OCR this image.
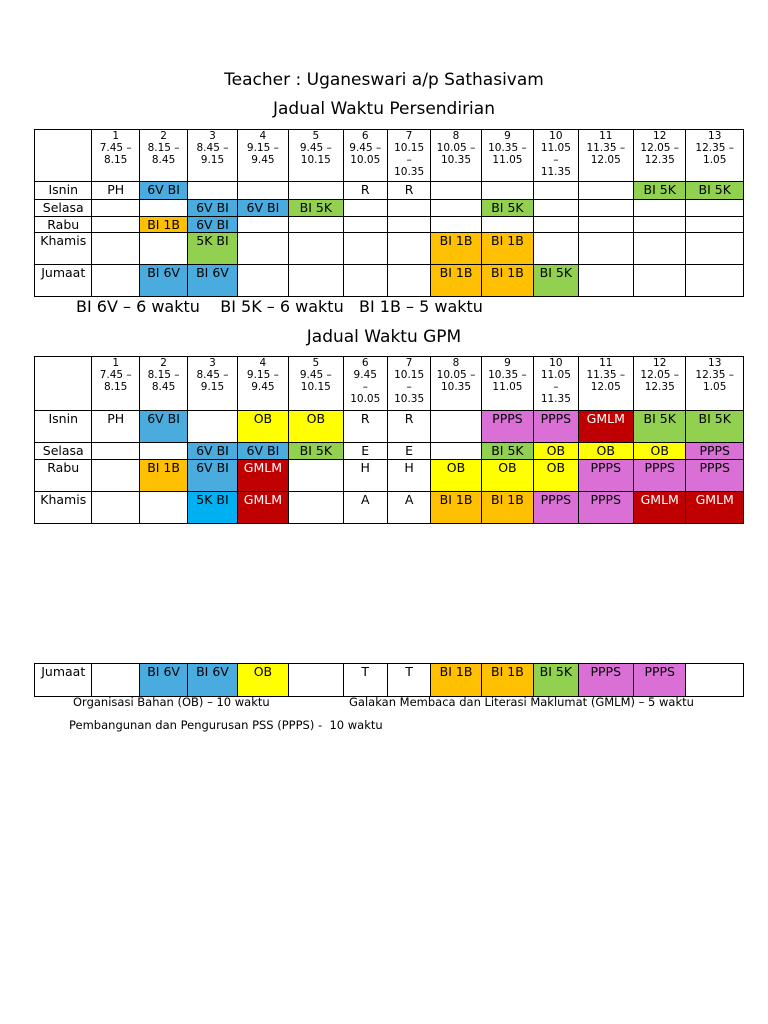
Teacher : Uganeswari a/p Sathasivam
Jadual Waktu Persendirian
	1
7.45 –
8.15	2
8.15 –
8.45	3
8.45 –
9.15	4
9.15 –
9.45	5
9.45 –
10.15	6
9.45 –
10.05	7
10.15
–
10.35	8
10.05 –
10.35	9
10.35 –
11.05	10
11.05
–
11.35	11
11.35 –
12.05	12
12.05 –
12.35	13
12.35 –
1.05
Isnin	PH	6V BI				R	R					BI 5K	BI 5K
Selasa			6V BI	6V BI	BI 5K				BI 5K				
Rabu		BI 1B	6V BI										
Khamis			5K BI					BI 1B	BI 1B				
Jumaat		BI 6V	BI 6V					BI 1B	BI 1B	BI 5K			
BI 6V – 6 waktu    BI 5K – 6 waktu   BI 1B – 5 waktu
Jadual Waktu GPM
	1
7.45 –
8.15	2
8.15 –
8.45	3
8.45 –
9.15	4
9.15 –
9.45	5
9.45 –
10.15	6
9.45
–
10.05	7
10.15
–
10.35	8
10.05 –
10.35	9
10.35 –
11.05	10
11.05
–
11.35	11
11.35 –
12.05	12
12.05 –
12.35	13
12.35 –
1.05
Isnin	PH	6V BI		OB	OB	R	R		PPPS	PPPS	GMLM	BI 5K	BI 5K
Selasa			6V BI	6V BI	BI 5K	E	E		BI 5K	OB	OB	OB	PPPS
Rabu		BI 1B	6V BI	GMLM		H	H	OB	OB	OB	PPPS	PPPS	PPPS
Khamis			5K BI	GMLM		A	A	BI 1B	BI 1B	PPPS	PPPS	GMLM	GMLM
Jumaat		BI 6V	BI 6V	OB		T	T	BI 1B	BI 1B	BI 5K	PPPS	PPPS	
Organisasi Bahan (OB) – 10 waktu	Galakan Membaca dan Literasi Maklumat (GMLM) – 5 waktu
Pembangunan dan Pengurusan PSS (PPPS) -  10 waktu
